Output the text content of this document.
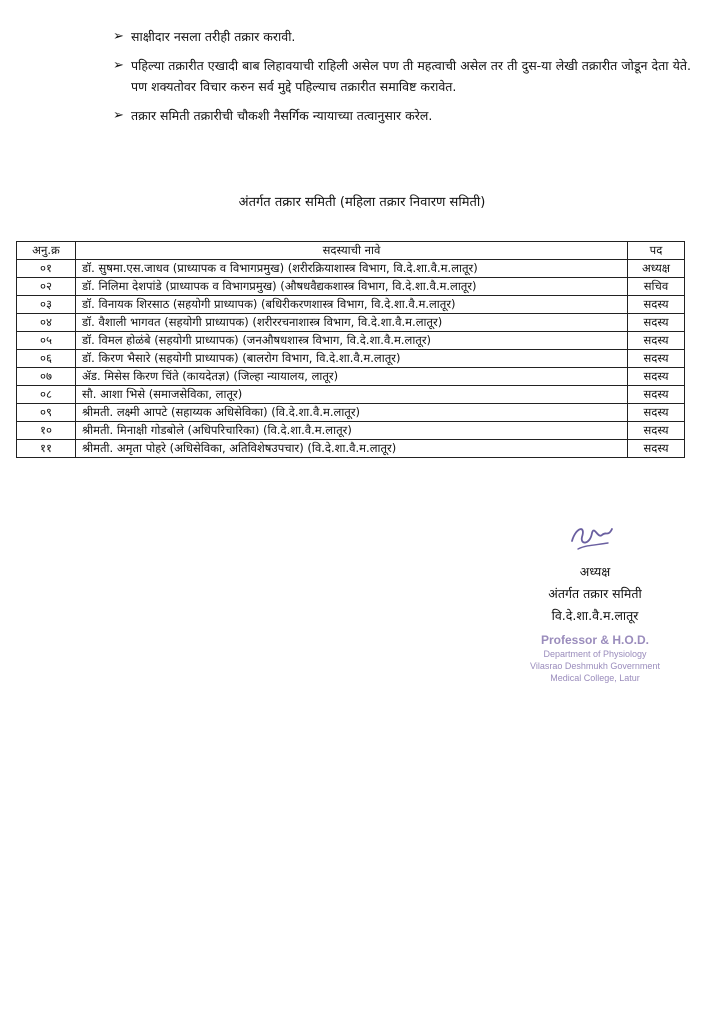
➢ साक्षीदार नसला तरीही तक्रार करावी.
➢ पहिल्या तक्रारीत एखादी बाब लिहावयाची राहिली असेल पण ती महत्वाची असेल तर ती दुस-या लेखी तक्रारीत जोडून देता येते. पण शक्यतोवर विचार करुन सर्व मुद्दे पहिल्याच तक्रारीत समाविष्ट करावेत.
➢ तक्रार समिती तक्रारीची चौकशी नैसर्गिक न्यायाच्या तत्वानुसार करेल.
अंतर्गत तक्रार समिती (महिला तक्रार निवारण समिती)
अनु.क्र	सदस्याची नावे	पद
०१	डॉ. सुषमा.एस.जाधव (प्राध्यापक व विभागप्रमुख) (शरीरक्रियाशास्त्र विभाग, वि.दे.शा.वै.म.लातूर)	अध्यक्ष
०२	डॉ. निलिमा देशपांडे (प्राध्यापक व विभागप्रमुख) (औषधवैद्यकशास्त्र विभाग, वि.दे.शा.वै.म.लातूर)	सचिव
०३	डॉ. विनायक शिरसाठ (सहयोगी प्राध्यापक) (बधिरीकरणशास्त्र विभाग, वि.दे.शा.वै.म.लातूर)	सदस्य
०४	डॉ. वैशाली भागवत (सहयोगी प्राध्यापक) (शरीररचनाशास्त्र विभाग, वि.दे.शा.वै.म.लातूर)	सदस्य
०५	डॉ. विमल होळंबे (सहयोगी प्राध्यापक) (जनऔषधशास्त्र विभाग, वि.दे.शा.वै.म.लातूर)	सदस्य
०६	डॉ. किरण भैसारे (सहयोगी प्राध्यापक) (बालरोग विभाग, वि.दे.शा.वै.म.लातूर)	सदस्य
०७	ॲड. मिसेस किरण चिंते (कायदेतज्ञ) (जिल्हा न्यायालय, लातूर)	सदस्य
०८	सौ. आशा भिसे (समाजसेविका, लातूर)	सदस्य
०९	श्रीमती. लक्ष्मी आपटे (सहाय्यक अधिसेविका) (वि.दे.शा.वै.म.लातूर)	सदस्य
१०	श्रीमती. मिनाक्षी गोडबोले (अधिपरिचारिका) (वि.दे.शा.वै.म.लातूर)	सदस्य
११	श्रीमती. अमृता पोहरे (अधिसेविका, अतिविशेषउपचार) (वि.दे.शा.वै.म.लातूर)	सदस्य
अध्यक्ष
अंतर्गत तक्रार समिती
वि.दे.शा.वै.म.लातूर
Professor & H.O.D.
Department of Physiology
Vilasrao Deshmukh Government
Medical College, Latur
